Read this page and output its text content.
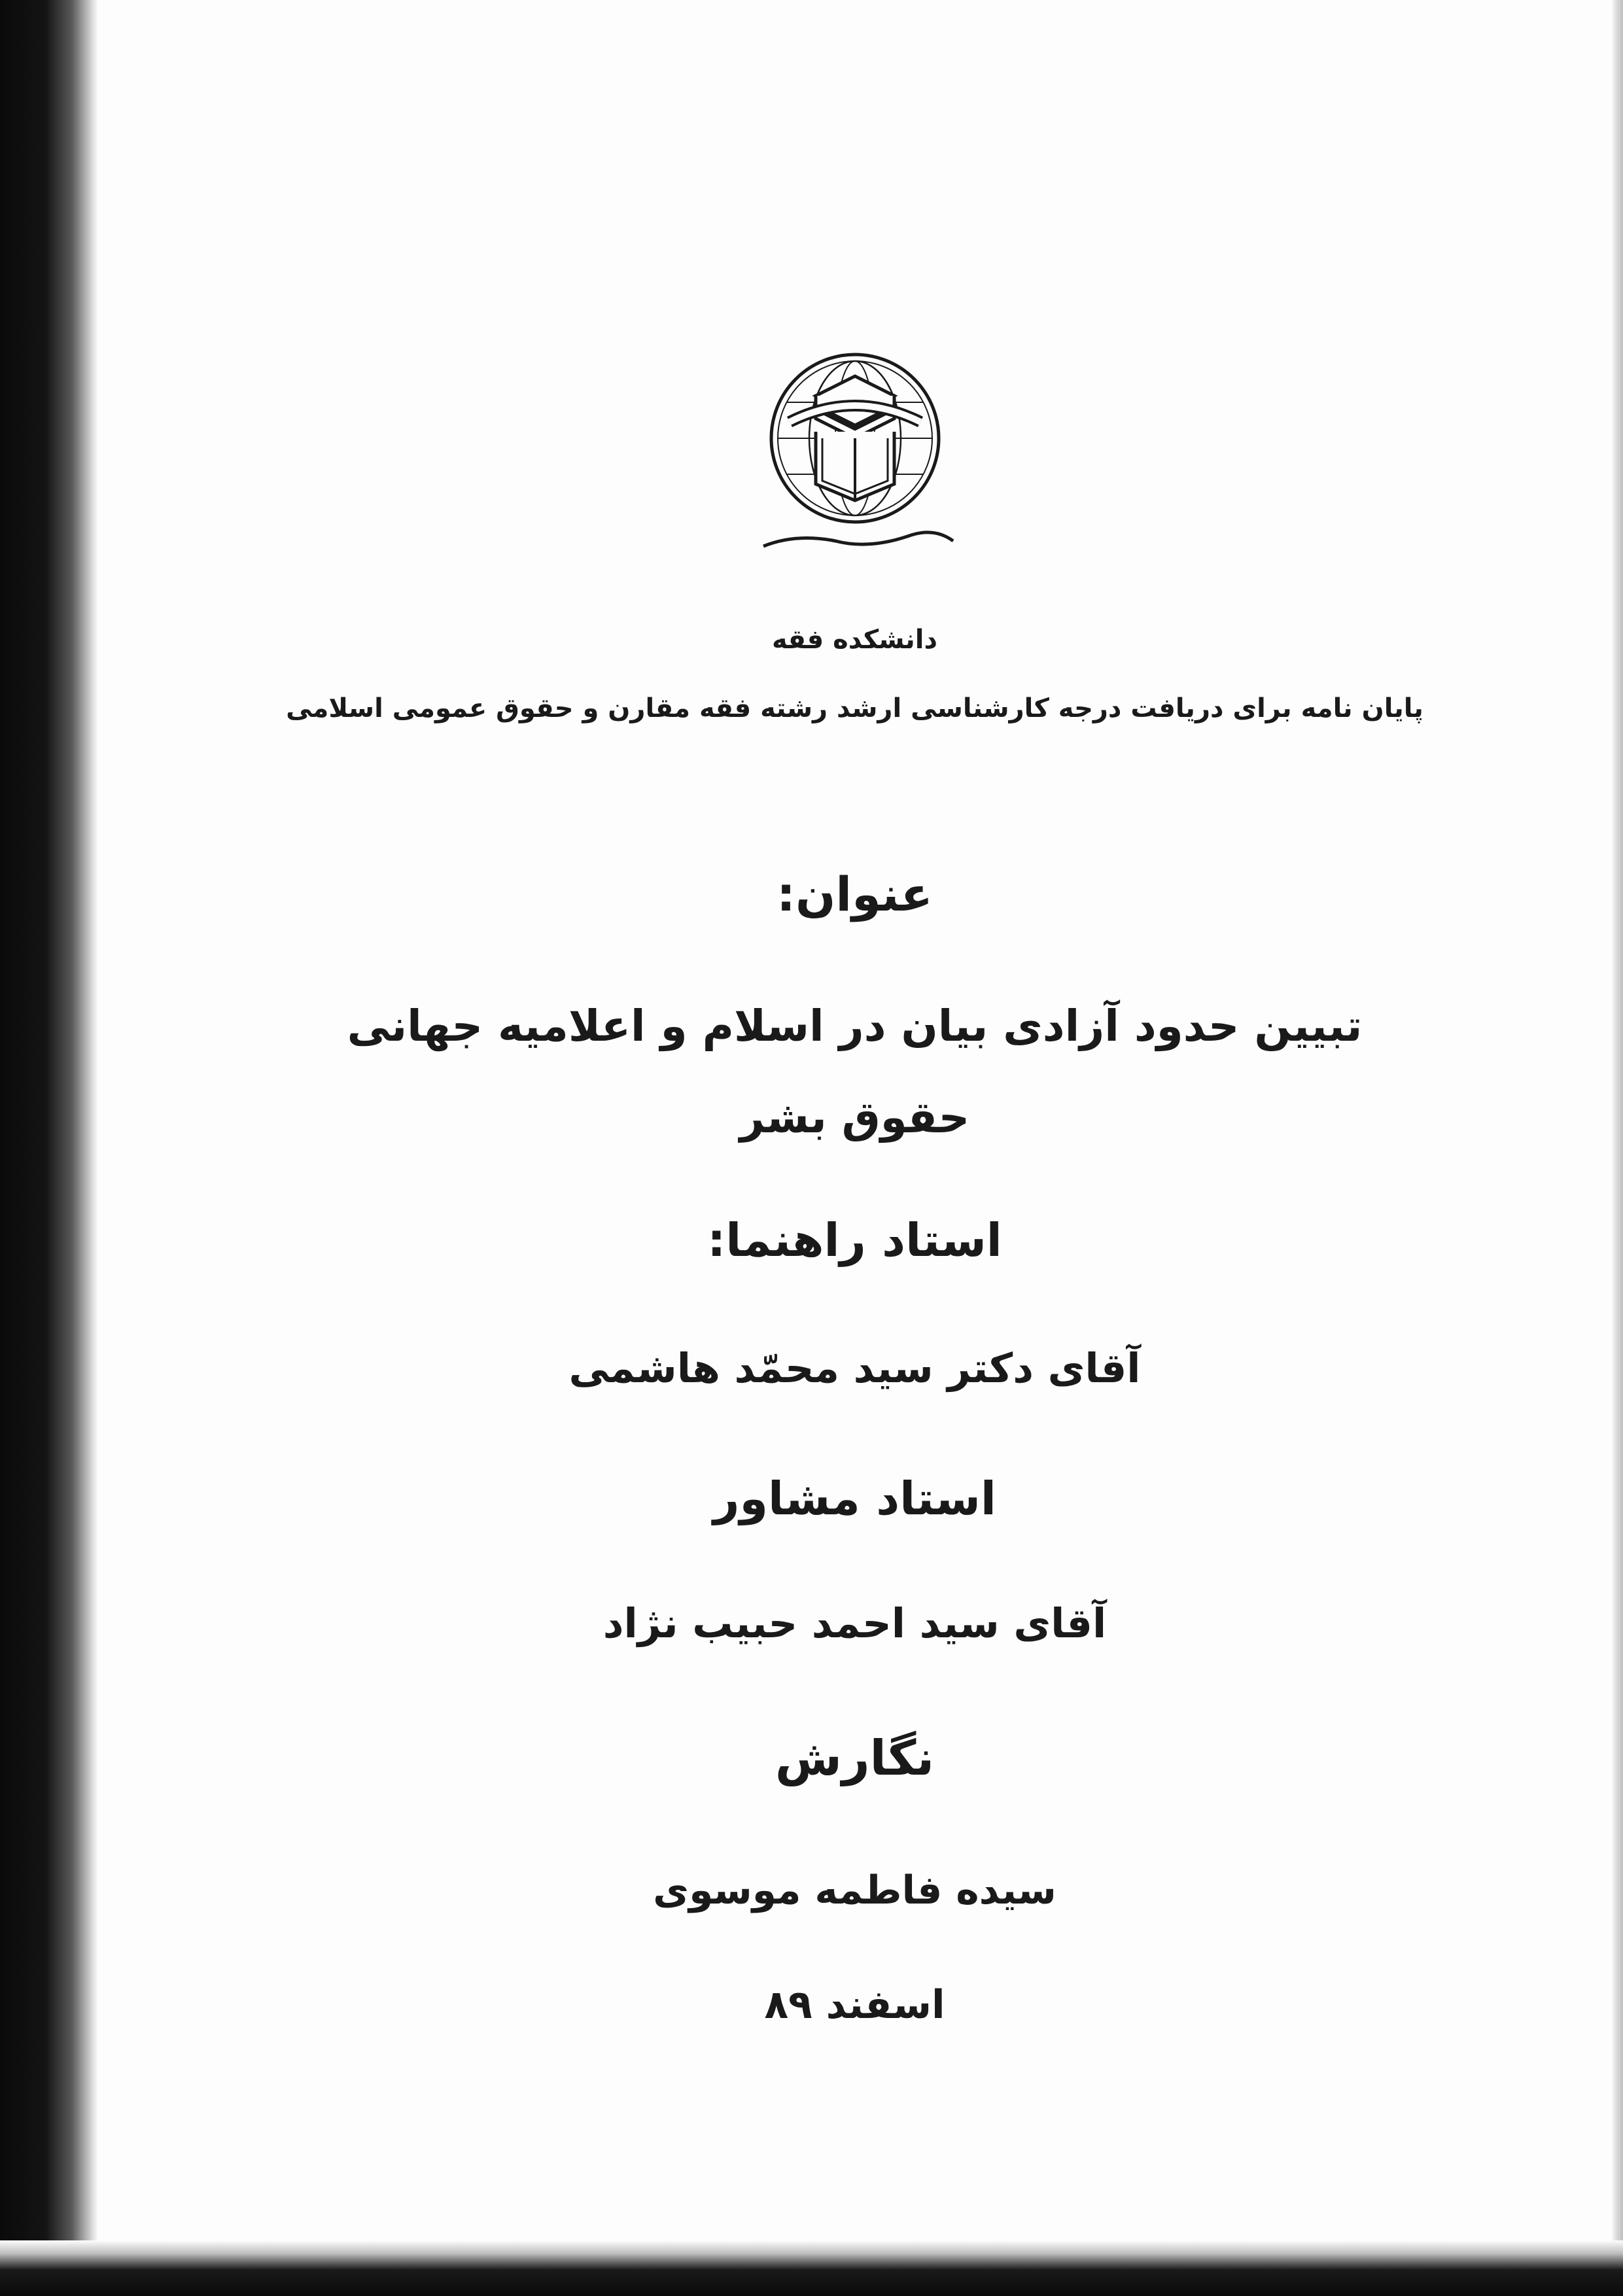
دانشکده فقه
پایان نامه برای دریافت درجه کارشناسی ارشد رشته فقه مقارن و حقوق عمومی اسلامی
عنوان:
تبیین حدود آزادی بیان در اسلام و اعلامیه جهانی
حقوق بشر
استاد راهنما:
آقای دکتر سید محمّد هاشمی
استاد مشاور
آقای سید احمد حبیب نژاد
نگارش
سیده فاطمه موسوی
اسفند ۸۹
